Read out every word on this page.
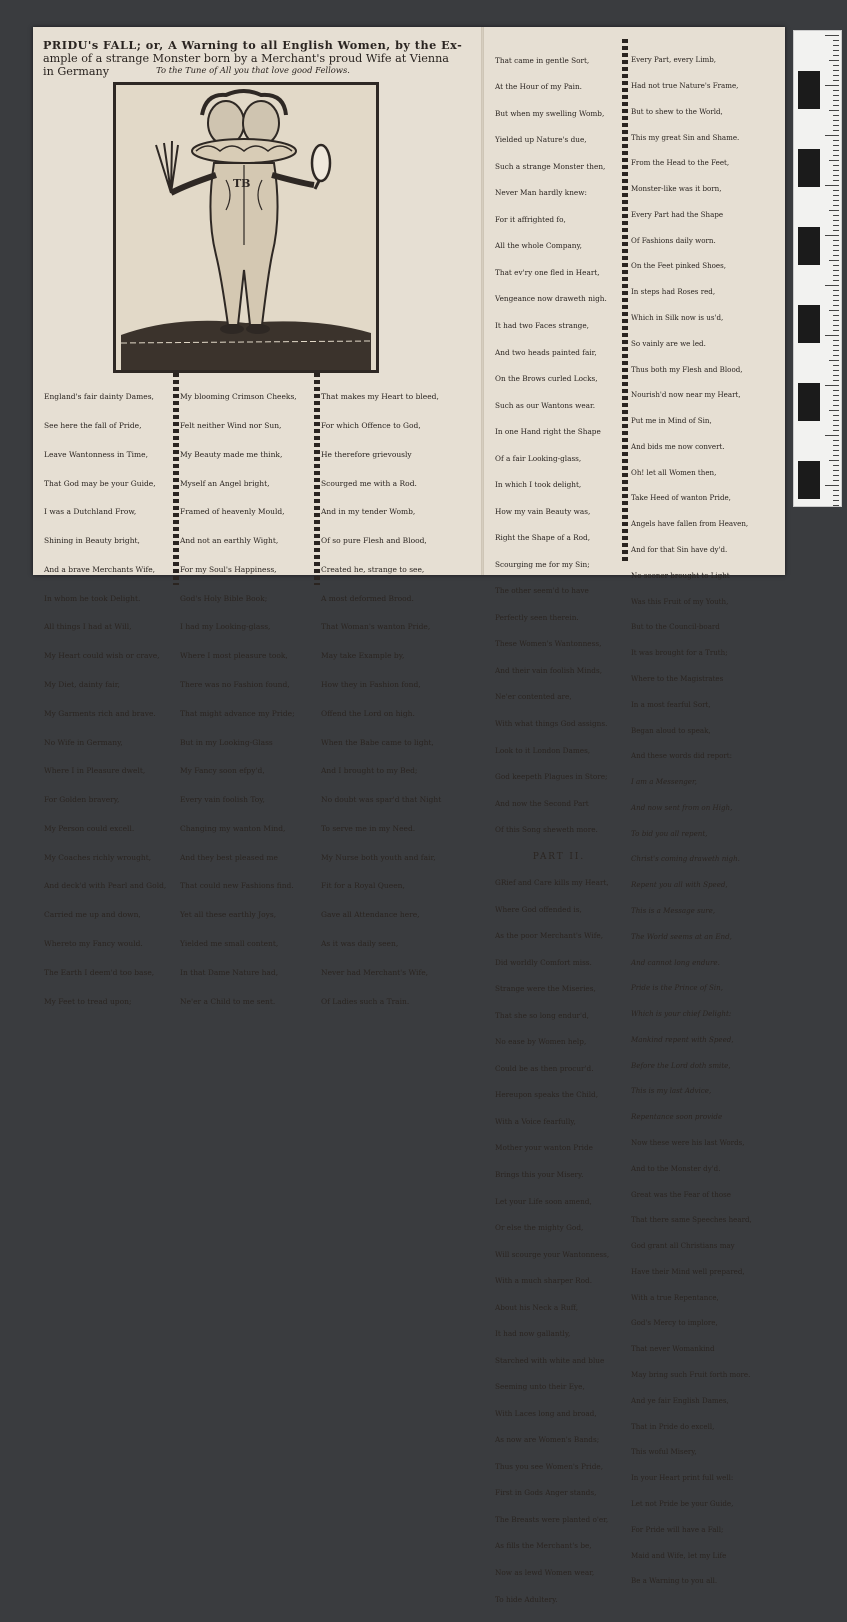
PRIDU's FALL; or, A Warning to all English Women, by the Ex-
ample of a strange Monster born by a Merchant's proud Wife at Vienna in Germany	To the Tune of All you that love good Fellows.
TB

England's fair dainty Dames,

See here the fall of Pride,

Leave Wantonness in Time,

That God may be your Guide,

I was a Dutchland Frow,

Shining in Beauty bright,

And a brave Merchants Wife,

In whom he took Delight.

All things I had at Will,

My Heart could wish or crave,

My Diet, dainty fair,

My Garments rich and brave.

No Wife in Germany,

Where I in Pleasure dwelt,

For Golden bravery,

My Person could excell.

My Coaches richly wrought,

And deck'd with Pearl and Gold,

Carried me up and down,

Whereto my Fancy would.

The Earth I deem'd too base,

My Feet to tread upon;

My blooming Crimson Cheeks,

Felt neither Wind nor Sun,

My Beauty made me think,

Myself an Angel bright,

Framed of heavenly Mould,

And not an earthly Wight,

For my Soul's Happiness,

God's Holy Bible Book;

I had my Looking-glass,

Where I most pleasure took,

There was no Fashion found,

That might advance my Pride;

But in my Looking-Glass

My Fancy soon efpy'd,

Every vain foolish Toy,

Changing my wanton Mind,

And they best pleased me

That could new Fashions find.

Yet all these earthly Joys,

Yielded me small content,

In that Dame Nature had,

Ne'er a Child to me sent.

That makes my Heart to bleed,

For which Offence to God,

He therefore grievously

Scourged me with a Rod.

And in my tender Womb,

Of so pure Flesh and Blood,

Created he, strange to see,

A most deformed Brood.

That Woman's wanton Pride,

May take Example by,

How they in Fashion fond,

Offend the Lord on high.

When the Babe came to light,

And I brought to my Bed;

No doubt was spar'd that Night

To serve me in my Need.

My Nurse both youth and fair,

Fit for a Royal Queen,

Gave all Attendance here,

As it was daily seen,

Never had Merchant's Wife,

Of Ladies such a Train.

That came in gentle Sort,

At the Hour of my Pain.

But when my swelling Womb,

Yielded up Nature's due,

Such a strange Monster then,

Never Man hardly knew:

For it affrighted fo,

All the whole Company,

That ev'ry one fled in Heart,

Vengeance now draweth nigh.

It had two Faces strange,

And two heads painted fair,

On the Brows curled Locks,

Such as our Wantons wear.

In one Hand right the Shape

Of a fair Looking-glass,

In which I took delight,

How my vain Beauty was,

Right the Shape of a Rod,

Scourging me for my Sin;

The other seem'd to have

Perfectly seen therein.

These Women's Wantonness,

And their vain foolish Minds,

Ne'er contented are,

With what things God assigns.

Look to it London Dames,

God keepeth Plagues in Store;

And now the Second Part

Of this Song sheweth more.

PART II.

GRief and Care kills my Heart,

Where God offended is,

As the poor Merchant's Wife,

Did worldly Comfort miss.

Strange were the Miseries,

That she so long endur'd,

No ease by Women help,

Could be as then procur'd.

Hereupon speaks the Child,

With a Voice fearfully,

Mother your wanton Pride

Brings this your Misery.

Let your Life soon amend,

Or else the mighty God,

Will scourge your Wantonness,

With a much sharper Rod.

About his Neck a Ruff,

It had now gallantly,

Starched with white and blue

Seeming unto their Eye,

With Laces long and broad,

As now are Women's Bands;

Thus you see Women's Pride,

First in Gods Anger stands,

The Breasts were planted o'er,

As fills the Merchant's be,

Now as lewd Women wear,

To hide Adultery.

Every Part, every Limb,

Had not true Nature's Frame,

But to shew to the World,

This my great Sin and Shame.

From the Head to the Feet,

Monster-like was it born,

Every Part had the Shape

Of Fashions daily worn.

On the Feet pinked Shoes,

In steps had Roses red,

Which in Silk now is us'd,

So vainly are we led.

Thus both my Flesh and Blood,

Nourish'd now near my Heart,

Put me in Mind of Sin,

And bids me now convert.

Oh! let all Women then,

Take Heed of wanton Pride,

Angels have fallen from Heaven,

And for that Sin have dy'd.

No sooner brought to Light

Was this Fruit of my Youth,

But to the Council-board

It was brought for a Truth;

Where to the Magistrates

In a most fearful Sort,

Began aloud to speak,

And these words did report:

I am a Messenger,

And now sent from on High,

To bid you all repent,

Christ's coming draweth nigh.

Repent you all with Speed,

This is a Message sure,

The World seems at an End,

And cannot long endure.

Pride is the Prince of Sin,

Which is your chief Delight:

Mankind repent with Speed,

Before the Lord doth smite,

This is my last Advice,

Repentance soon provide

Now these were his last Words,

And to the Monster dy'd.

Great was the Fear of those

That there same Speeches heard,

God grant all Christians may

Have their Mind well prepared,

With a true Repentance,

God's Mercy to implore,

That never Womankind

May bring such Fruit forth more.

And ye fair English Dames,

That in Pride do excell,

This woful Misery,

In your Heart print full well:

Let not Pride be your Guide,

For Pride will have a Fall;

Maid and Wife, let my Life

Be a Warning to you all.
